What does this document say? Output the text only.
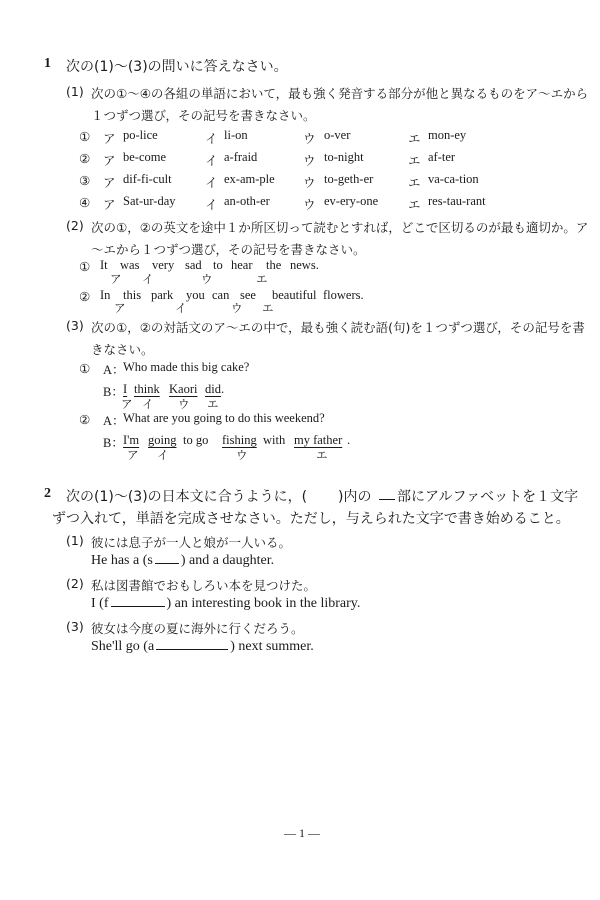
1 次の(1)〜(3)の問いに答えなさい。
(1) 次の①〜④の各組の単語において，最も強く発音する部分が他と異なるものをア〜エから
１つずつ選び，その記号を書きなさい。
① ア po-lice	イ li-on	ウ o-ver	エ mon-ey
② ア be-come	イ a-fraid	ウ to-night	エ af-ter
③ ア dif-fi-cult	イ ex-am-ple ウ to-geth-er	エ va-ca-tion
④ ア Sat-ur-day イ an-oth-er	ウ ev-ery-one エ res-tau-rant
(2) 次の①，②の英文を途中１か所区切って読むとすれば，どこで区切るのが最も適切か。ア
〜エから１つずつ選び，その記号を書きなさい。
① It was very sad to hear the news.
ア イ	ウ	エ
② In this park you can see beautiful flowers.
ア	イ	ウ エ
(3) 次の①，②の対話文のア〜エの中で，最も強く読む語(句)を１つずつ選び，その記号を書
きなさい。
① A：
Who made this big cake?
B： I think Kaori did .
ア イ ウ エ
② A：
What are you going to do this weekend?
B： I'm going to go fishing with my father .
ア イ	ウ	エ
2 次の(1)〜(3)の日本文に合うように，( )内の 部にアルファベットを１文字
ずつ入れて，単語を完成させなさい。ただし，与えられた文字で書き始めること。
(1) 彼には息子が一人と娘が一人いる。
He has a (s ) and a daughter.
(2) 私は図書館でおもしろい本を見つけた。
I (f	) an interesting book in the library.
(3) 彼女は今度の夏に海外に行くだろう。
She'll go (a	) next summer.
— 1 —
